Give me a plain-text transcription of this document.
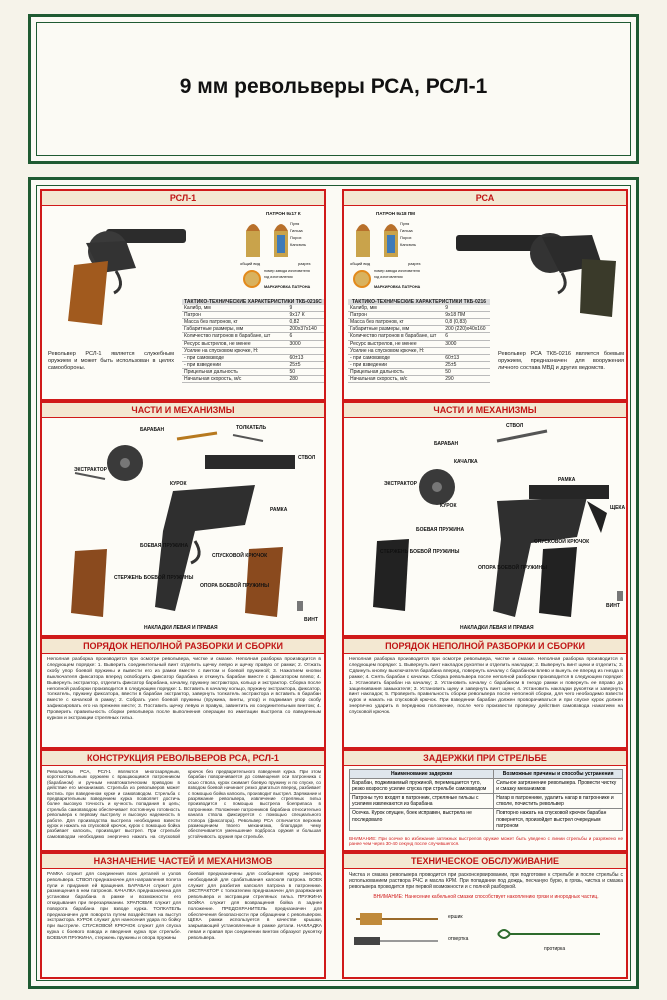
9 мм револьверы РСА, РСЛ-1
РСЛ-1
ПАТРОН 9х17 К
Пуля
Гильза
Порох
Капсюль
общий вид	разрез
номер завода изготовителя
год изготовления
МАРКИРОВКА ПАТРОНА
ТАКТИКО-ТЕХНИЧЕСКИЕ ХАРАКТЕРИСТИКИ ТКБ-0216С
Калибр, мм	9
Патрон	9x17 К
Масса без патронов, кг	0,82
Габаритные размеры, мм	200x37x140
Количество патронов в барабане, шт	6
Ресурс выстрелов, не менее	3000
Усилие на спусковом крючке, Н:	
- при самовзводе	60±13
- при взведении	25±5
Прицельная дальность	50
Начальная скорость, м/с	280
Револьвер РСЛ-1 является служебным оружием и может быть использован в целях самообороны.
РСА
ПАТРОН 9х18 ПМ
Пуля
Гильза
Порох
Капсюль
общий вид	разрез
номер завода изготовителя
год изготовления
МАРКИРОВКА ПАТРОНА
ТАКТИКО-ТЕХНИЧЕСКИЕ ХАРАКТЕРИСТИКИ ТКБ-0216
Калибр, мм	9
Патрон	9x18 ПМ
Масса без патронов, кг	0,8 (0,83)
Габаритные размеры, мм	200 (220)x40x160
Количество патронов в барабане, шт	6
Ресурс выстрелов, не менее	3000
Усилие на спусковом крючке, Н:	
- при самовзводе	60±13
- при взведении	25±5
Прицельная дальность	50
Начальная скорость, м/с	290
Револьвер РСА ТКБ-0216 является боевым оружием, предназначен для вооружения личного состава МВД и других ведомств.
ЧАСТИ И МЕХАНИЗМЫ
БАРАБАН	ТОЛКАТЕЛЬ
СТВОЛ
ЭКСТРАКТОР
КУРОК
РАМКА
БОЕВАЯ ПРУЖИНА
СТЕРЖЕНЬ БОЕВОЙ ПРУЖИНЫ
ОПОРА БОЕВОЙ ПРУЖИНЫ
СПУСКОВОЙ КРЮЧОК
ВИНТ
НАКЛАДКИ ЛЕВАЯ И ПРАВАЯ
ЧАСТИ И МЕХАНИЗМЫ
СТВОЛ
БАРАБАН
КАЧАЛКА
ЭКСТРАКТОР
КУРОК
РАМКА
ЩЕКА
БОЕВАЯ ПРУЖИНА
СТЕРЖЕНЬ БОЕВОЙ ПРУЖИНЫ
ОПОРА БОЕВОЙ ПРУЖИНЫ
СПУСКОВОЙ КРЮЧОК
ВИНТ
НАКЛАДКИ ЛЕВАЯ И ПРАВАЯ
ПОРЯДОК НЕПОЛНОЙ РАЗБОРКИ И СБОРКИ
Неполная разборка производится при осмотре револьвера, чистке и смазке. Неполная разборка производится в следующем порядке: 1. Выверить соединительный винт отделить щечку левую и щечку правую от рамки; 2. Отжать скобу упор боевой пружины и вывести его из рамки вместе с винтом и боевой пружиной; 3. Нажатием кнопки выключателя фиксатора вперед освободить фиксатор барабана и откинуть барабан вместе с фиксатором влево; 4. Вывернуть экстрактор, отделить фиксатор барабана, качалку, пружину экстрактора, кольцо и экстрактор. Сборка после неполной разборки производится в следующем порядке: 1. Вставить в качалку кольцо, пружину экстрактора, фиксатор, толкатель, пружину фиксатора, ввести в барабан экстрактор, завернуть толкатель экстрактора и вставить в барабан вместе с качалкой в рамку; 2. Собрать узел боевой пружины (пружина, винты, упор) и поджимая упор скобу зафиксировать его на прежнем месте; 3. Поставить щечку левую и правую, завинтить их соединительным винтом; 4. Проверить правильность сборки револьвера после выполнения операции по имитации выстрела со взведенным курком и экстракции стреляных гильз.
ПОРЯДОК НЕПОЛНОЙ РАЗБОРКИ И СБОРКИ
Неполная разборка производится при осмотре револьвера, чистке и смазке. Неполная разборка производится в следующем порядке: 1. Вывернуть винт накладок рукоятки и отделить накладки; 2. Вывернуть винт щеки и отделить; 3. Сдвинуть кнопку выключателя барабана вперед, повернуть качалку с барабаном влево и вынуть ее вперед из гнезда в рамке; 4. Снять барабан с качалки. Сборка револьвера после неполной разборки производится в следующем порядке: 1. Установить барабан на качалку; 2. Установить качалку с барабаном в гнездо рамки и повернуть ее вправо до защелкивания замыкателя; 3. Установить щеку и завернуть винт щеки; 4. Установить накладки рукоятки и завернуть винт накладок; 5. Проверить правильность сборки револьвера после неполной сборки, для чего необходимо взвести курок и нажать на спусковой крючок. При взведении барабан должен проворачиваться и при спуске курок должен энергично ударить в переднюю положение, после чего произвести проверку действия самовзвода нажатием на спусковой крючок.
КОНСТРУКЦИЯ РЕВОЛЬВЕРОВ РСА, РСЛ-1
Револьверы РСА, РСЛ-1 являются многозарядным, короткоствольным оружием с вращающимся патронником (барабаном) и ручным неавтоматическим приводом в действие его механизмов. Стрельба из револьверов может вестись при взведенном курке и самовзводом. Стрельба с предварительным взведением курка позволяет достичь более высокую точность и кучность попадания в цель; стрельба самовзводом обеспечивает постоянную готовность револьвера к первому выстрелу и высокую надежность в работе. Для производства выстрела необходимо взвести курок и нажать на спусковой крючок, курок с помощью бойка разбивает капсюль, производит выстрел. При стрельбе самовзводом необходимо энергично нажать на спусковой крючок без предварительного взведения курка. При этом барабан поворачивается до совмещения оси патронника с осью ствола, курок сжимает боевую пружину и по спуске, со взводом боевой начинает резко двигаться вперед, разбивает с помощью бойка капсюль, производит выстрел. Заряжание и разряжание револьвера, извлечение стреляных гильз производится с помощью выстрела боеприпаса в патроннике. Положение патронников барабана относительно канала ствола фиксируется с помощью специального стопора (фиксатора). Револьвер РСА отличается верхним размещением твоего механизма, благодаря чему обеспечивается уменьшение подброса оружия и большая устойчивость оружия при стрельбе.
ЗАДЕРЖКИ ПРИ СТРЕЛЬБЕ
Наименование задержки	Возможные причины и способы устранения
Барабан, поджимаемый пружиной, перемещается туго, резко возросло усилие спуска при стрельбе самовзводом	Сильное загрязнение револьвера. Провести чистку и смазку механизмов
Патроны туго входят в патронник, стреляные гильзы с усилием извлекаются из барабана	Нагар в патроннике, удалить нагар в патроннике и стволе, почистить револьвер
Осечка. Курок опущен, боек исправен, выстрела не последовало	Повторно нажать на спусковой крючок барабан повернется, произойдет выстрел очередным патроном
ВНИМАНИЕ: При осечке во избежание затяжных выстрелов оружие может быть уведено с линии стрельбы и разряжено не ранее чем через 30-40 секунд после случившегося.
НАЗНАЧЕНИЕ ЧАСТЕЙ И МЕХАНИЗМОВ
РАМКА служит для соединения всех деталей и узлов револьвера. СТВОЛ предназначен для направления полета пули и придания ей вращения. БАРАБАН служит для размещения в нем патронов. КАЧАЛКА предназначена для установки барабана в рамке и возможности его откидывания при перезаряжании. ХРАПОВИК служит для поворота барабана при взводе курка. ТОЛКАТЕЛЬ предназначен для поворота путем воздействия на выступ экстрактора. КУРОК служит для нанесения удара по бойку при выстреле. СПУСКОВОЙ КРЮЧОК служит для спуска курка с боевого взвода и введения курка при стрельбе. БОЕВАЯ ПРУЖИНА, стержень пружины и опора пружины
боевой предназначены для сообщения курку энергии, необходимой для срабатывания капсюля патрона. БОЕК служит для разбития капсюля патрона в патроннике. ЭКСТРАКТОР с толкателем предназначен для разряжания револьвера и экстракции стреляных гильз. ПРУЖИНА БОЙКА служит для возвращения бойка в заднее положение. ПРЕДОХРАНИТЕЛЬ предназначен для обеспечения безопасности при обращении с револьвером. ЩЕКА рамки используется в качестве крышки, закрывающей установленные в рамке детали. НАКЛАДКА левая и правая при соединении винтом образуют рукоятку револьвера.
ТЕХНИЧЕСКОЕ ОБСЛУЖИВАНИЕ
Чистка и смазка револьвера проводится при расконсервировании, при подготовке к стрельбе и после стрельбы с использованием раствора РЧС и масла КРМ. При попадании под дождь, песчаную бурю, в грязь, чистка и смазка револьвера проводится при первой возможности и с полной разборкой.
ВНИМАНИЕ: Нанесение кабельной смазки способствует накоплению грязи и инородных частиц.
ершик
отвертка
протирка
